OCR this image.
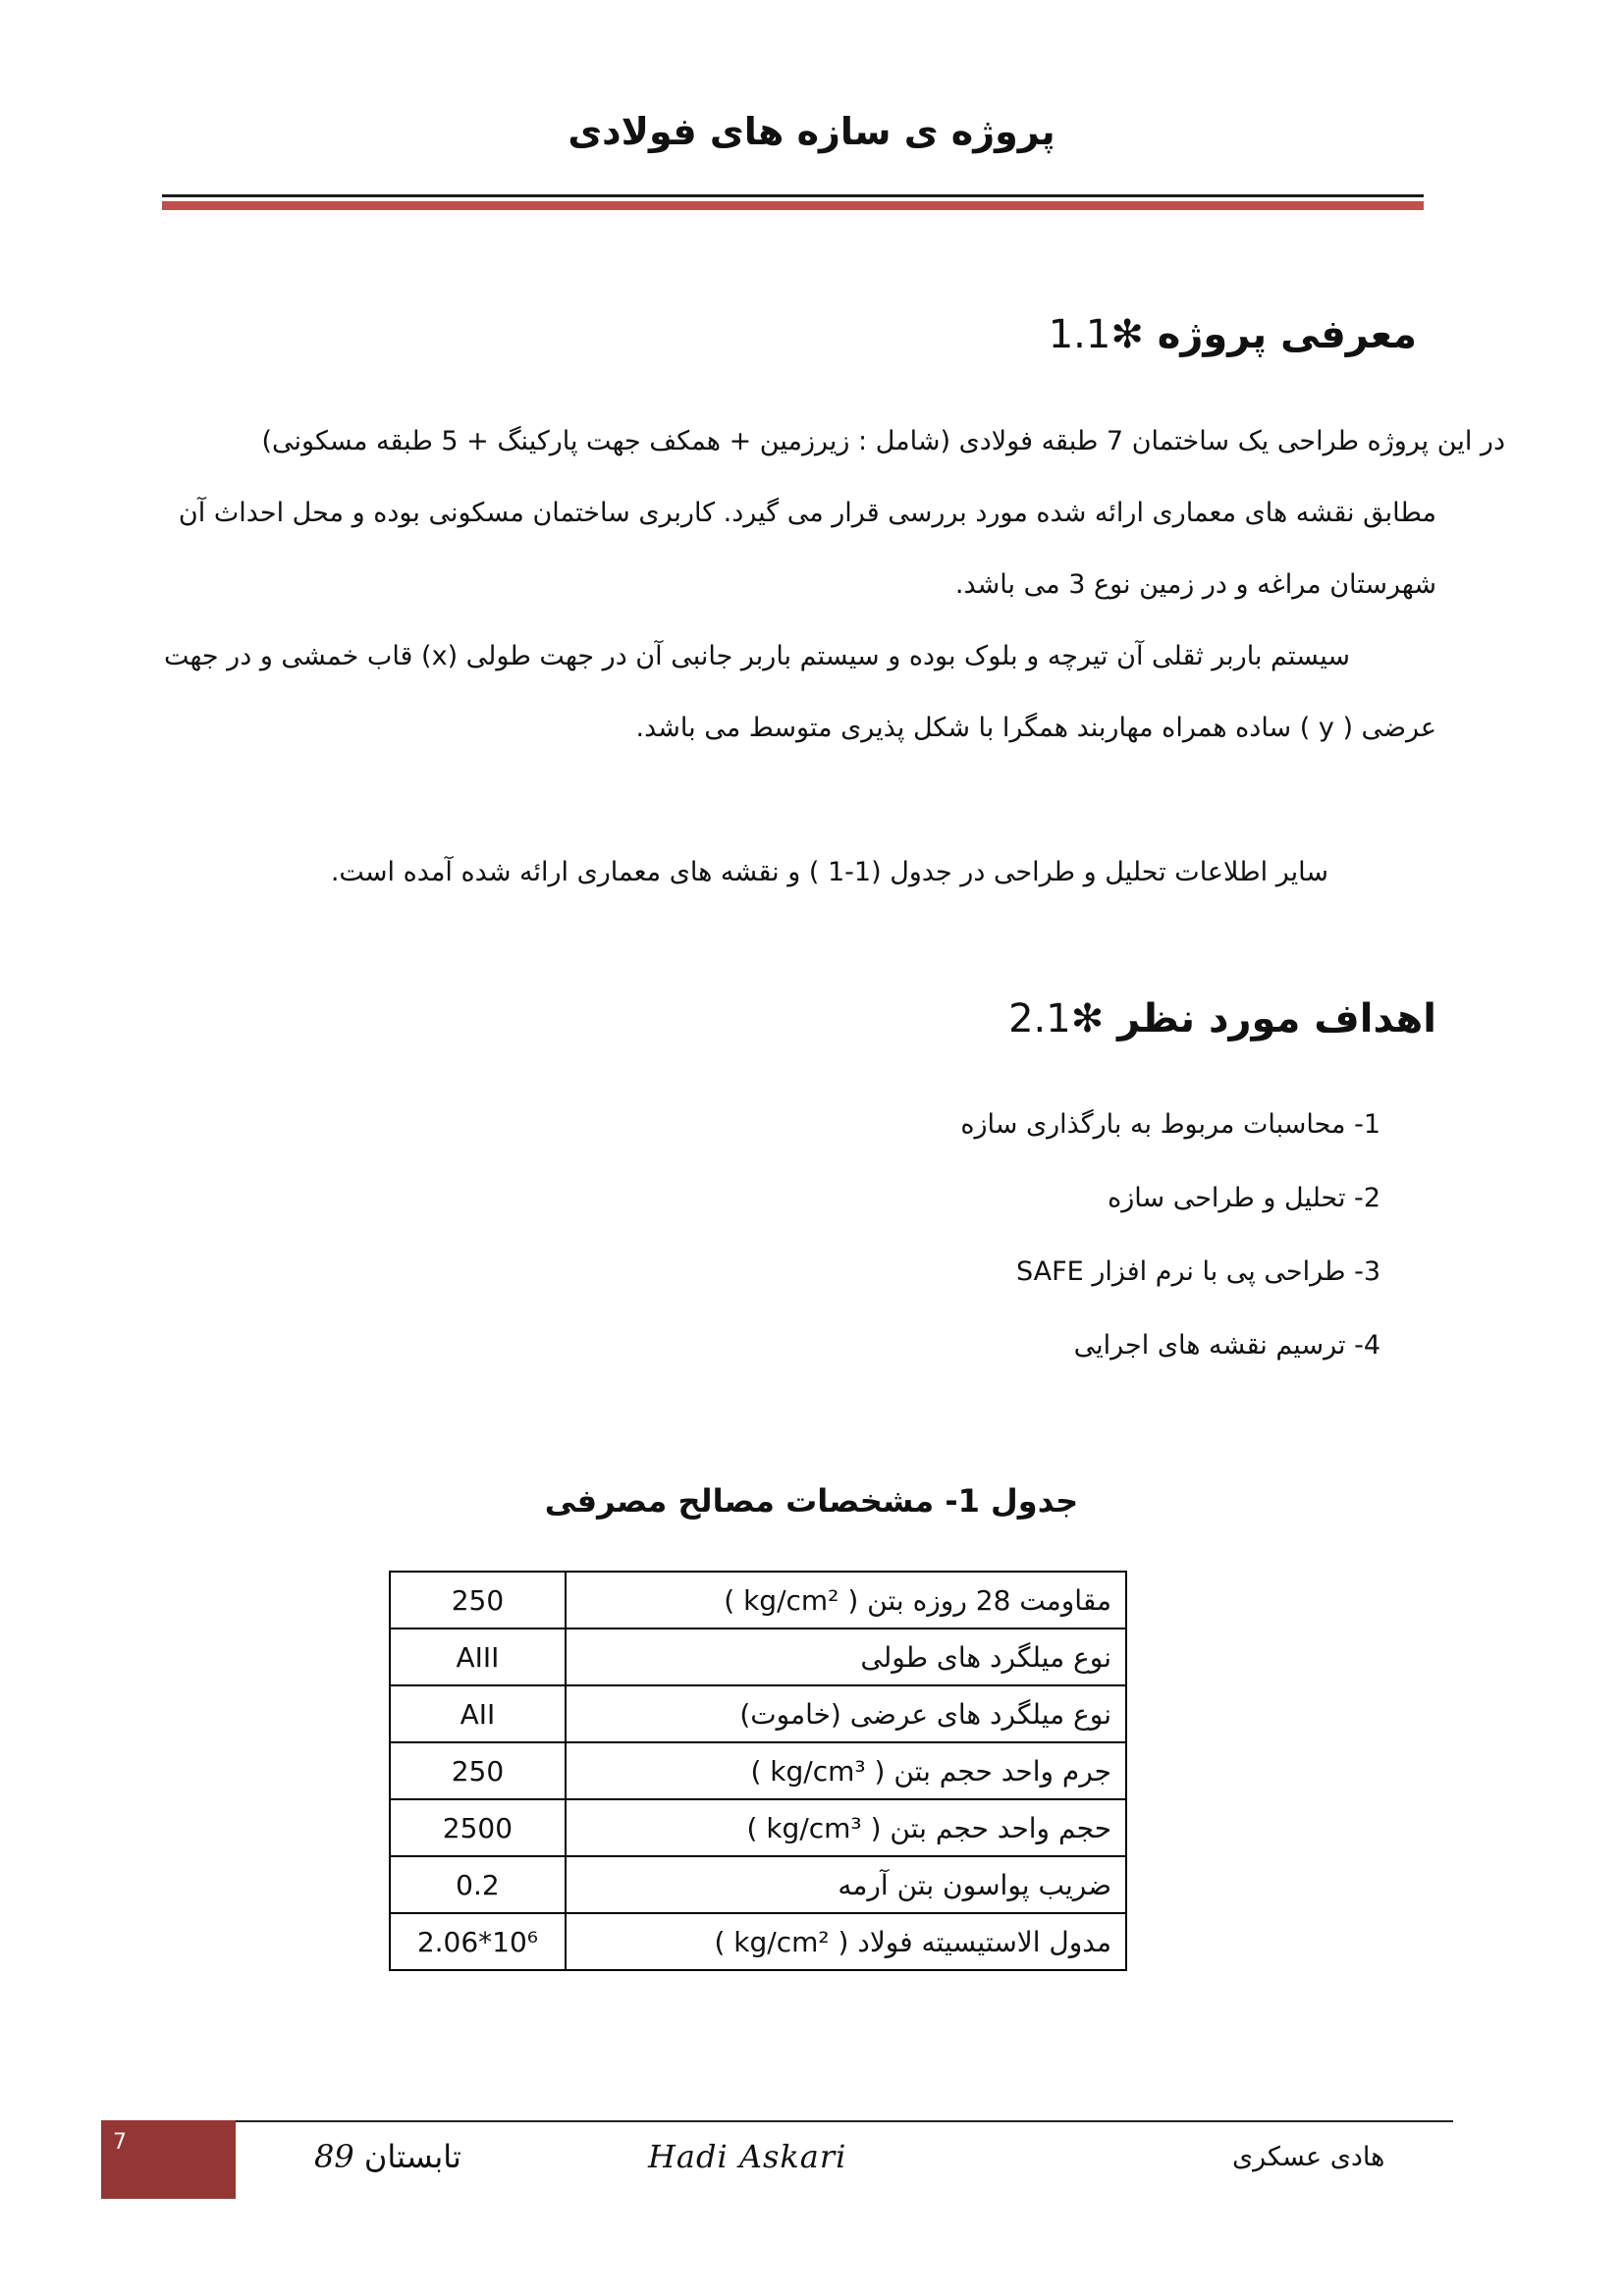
پروژه ی سازه های فولادی
معرفی پروژه ✻1.1
در این پروژه طراحی یک ساختمان 7 طبقه فولادی (شامل : زیرزمین + همکف جهت پارکینگ + 5 طبقه مسکونی)
مطابق نقشه های معماری ارائه شده مورد بررسی قرار می گیرد. کاربری ساختمان مسکونی بوده و محل احداث آن
شهرستان مراغه و در زمین نوع 3 می باشد.
سیستم باربر ثقلی آن تیرچه و بلوک بوده و سیستم باربر جانبی آن در جهت طولی (x) قاب خمشی و در جهت
عرضی ( y ) ساده همراه مهاربند همگرا با شکل پذیری متوسط می باشد.
سایر اطلاعات تحلیل و طراحی در جدول (1-1 ) و نقشه های معماری ارائه شده آمده است.
اهداف مورد نظر ✻2.1
1- محاسبات مربوط به بارگذاری سازه
2- تحلیل و طراحی سازه
3- طراحی پی با نرم افزار SAFE
4- ترسیم نقشه های اجرایی
جدول 1- مشخصات مصالح مصرفی
مقاومت 28 روزه بتن ( kg/cm² )	250
نوع میلگرد های طولی	AIII
نوع میلگرد های عرضی (خاموت)	AII
جرم واحد حجم بتن ( kg/cm³ )	250
حجم واحد حجم بتن ( kg/cm³ )	2500
ضریب پواسون بتن آرمه	0.2
مدول الاستیسیته فولاد ( kg/cm² )	2.06*10⁶
7	89 تابستان	Hadi Askari	هادی عسکری
